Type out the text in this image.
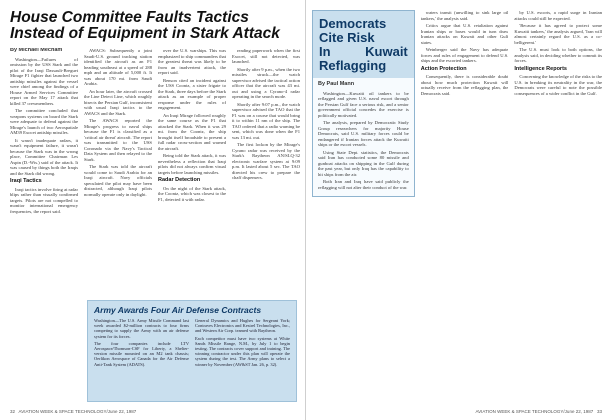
House Committee Faults Tactics
Instead of Equipment in Stark Attack
By Michael Mecham

Washington—Failures of omission by the USS Stark and the pilot of the Iraqi Dassault-Breguet Mirage F1 fighter that launched two antiship missiles against the vessel were chief among the findings of a House Armed Services Committee report on the May 17 attack that killed 37 crewmembers.

The committee concluded that weapons systems on board the Stark were adequate to defend against the Mirage's launch of two Aerospatiale AM39 Exocet antiship missiles.

It wasn't inadequate radars, it wasn't equipment failure, it wasn't because the Stark was in the wrong place, Committee Chairman Les Aspin (D.-Wis.) said of the attack. It was caused by things both the Iraqis and the Stark did wrong.

Iraqi Tactics

Iraqi tactics involve firing at radar blips rather than visually confirmed targets. Pilots are not compelled to monitor international emergency frequencies, the report said.

AWACS: Subsequently a joint Saudi-U.S. ground tracking station identified the aircraft as an F1 heading southeast at a speed of 288 mph and an altitude of 5,000 ft. It was about 170 mi. from Saudi Arabia.

An hour later, the aircraft crossed the Line Detect Line, which roughly bisects the Persian Gulf, inconsistent with usual Iraqi tactics to the AWACS and the Stark.

The AWACS reported the Mirage's progress to naval ships because the F1 is classified as a 'critical air threat' aircraft. The report was transmitted to the USS Coronado via the Navy's Tactical Data System and then relayed to the Stark.

The Stark was told the aircraft would come to Saudi Arabia for an Iraqi aircraft. Navy officials speculated the pilot may have been distracted, although Iraqi pilots normally operate only in daylight.

over the U.S. warships. This was emphasized to ship commanders that the greatest threat was likely to be from an inadvertent attack, the report said.

Benson cited an incident against the USS Coontz, a sister frigate to the Stark, three days before the Stark attack as an example of proper response under the rules of engagement.

An Iraqi Mirage followed roughly the same course as the F1 that attacked the Stark. When it was 29 mi. from the Coontz, the ship brought itself broadside to present a full radar cross-section and warned the aircraft.

Being told the Stark attack, it was nevertheless a reflection that Iraqi pilots did not always confirm visual targets before launching missiles.

Radar Detection

On the night of the Stark attack, the Coontz, which was closest to the F1, detected it with radar.

reading paperwork when the first Exocet, still not detected, was launched.

Shortly after 9 p.m., when the two missiles struck—the watch supervisor advised the tactical action officer that the aircraft was 43 mi. out and using a Cyrano-4 radar operating in the search mode.

Shortly after 9:07 p.m., the watch supervisor advised the TAO that the F1 was on a course that would bring it to within 11 nm of the ship. The TAO ordered that a radio warning be sent, which was done when the F1 was 13 mi. out.

The first lockon by the Mirage's Cyrano radar was received by the Stark's Raytheon AN/SLQ-32 electronic warfare system at 9:09 p.m. It lasted about 5 sec. The TAO directed his crew to prepare the chaff dispensers.

Army Awards Four Air Defense Contracts

Washington—The U.S. Army Missile Command last week awarded $2-million contracts to four firms competing to supply the Army with an air defense system for its forces.

The four companies include LTV Aerospace/Thomson-CSF for Liberty, a Shelter-version missile mounted on an M2 tank chassis; Oerlikon Aerospace of Canada for the Air Defense Anti-Tank System (ADATS).

General Dynamics and Hughes for Sergeant York; Contraves Electronics and Kestrel Technologies, Inc., and Western Air Corp. teamed with Raytheon.

Each competitor must have two systems at White Sands Missile Range, N.M., by July 1 to begin testing. The contracts cover support and training. The winning contractor under this plan will operate the system during the test. The Army plans to select a winner by November (AW&ST Jan. 26, p. 32).

32 AVIATION WEEK & SPACE TECHNOLOGY/June 22, 1987
Democrats Cite Risk
In Kuwait Reflagging
By Paul Mann

Washington—Kuwaiti oil tankers to be reflagged and given U.S. naval escort through the Persian Gulf face a serious risk, and a senior government official concedes the exercise is politically motivated.

The analysis, prepared by Democratic Study Group researchers for majority House Democrats, said U.S. military forces could be endangered if Iranian forces attack the Kuwaiti ships or the escort vessels.

Using State Dept. statistics, the Democrats said Iran has conducted some 80 missile and gunboat attacks on shipping in the Gulf during the past year, but only Iraq has the capability to hit ships from the air.

Both Iran and Iraq have said publicly the reflagging will not alter their conduct of the war.

waters transit (unwilling to sink large oil tankers,' the analysis said.

Critics argue that U.S. retaliation against Iranian ships or bases would in turn draw Iranian attacks on Kuwait and other Gulf states.

Weinberger said the Navy has adequate forces and rules of engagement to defend U.S. ships and the escorted tankers.

Action Protection

Consequently, there is considerable doubt about how much protection Kuwait will actually receive from the reflagging plan, the Democrats said.

by U.S. escorts, a rapid surge in Iranian attacks could still be expected.

'Because it has agreed to protect some Kuwaiti tankers,' the analysis argued, 'Iran will almost certainly regard the U.S. as a co-belligerent.'

The U.S. must look to both options, the analysis said, in deciding whether to commit its forces.

Intelligence Reports

Concerning the knowledge of the risks to the U.S. in breaking its neutrality in the war, the Democrats were careful to note the possible consequences of a wider conflict in the Gulf.

AVIATION WEEK & SPACE TECHNOLOGY/June 22, 1987 33
